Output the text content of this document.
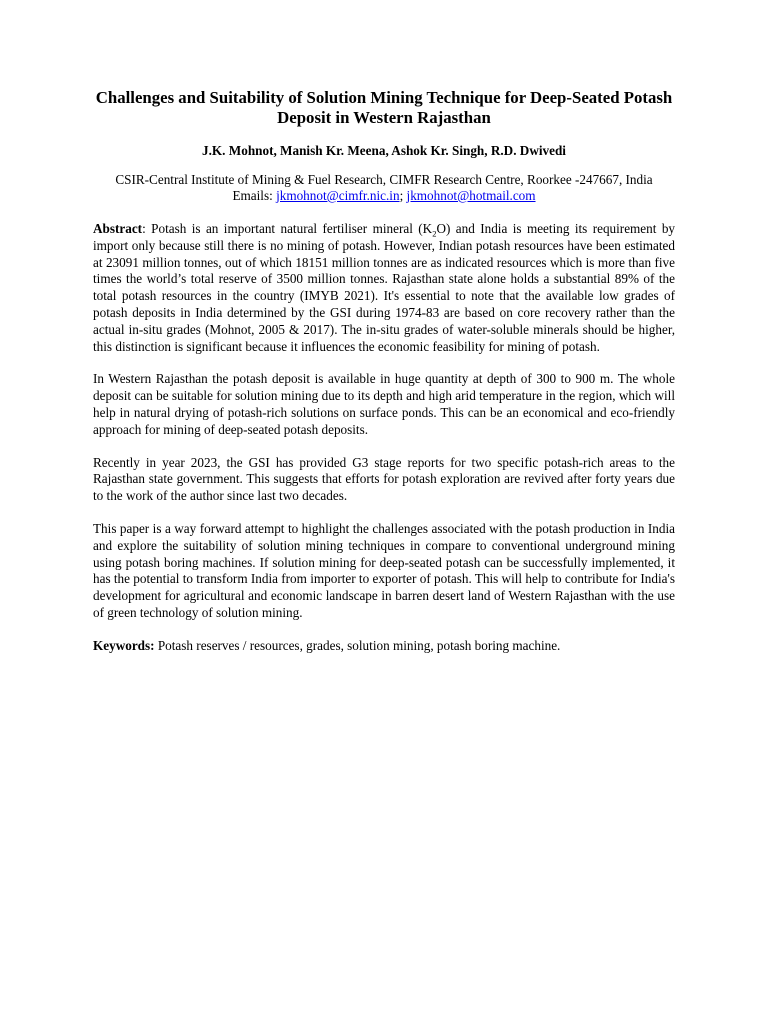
Challenges and Suitability of Solution Mining Technique for Deep-Seated Potash Deposit in Western Rajasthan
J.K. Mohnot, Manish Kr. Meena, Ashok Kr. Singh, R.D. Dwivedi
CSIR-Central Institute of Mining & Fuel Research, CIMFR Research Centre, Roorkee -247667, India
Emails: jkmohnot@cimfr.nic.in; jkmohnot@hotmail.com

Abstract: Potash is an important natural fertiliser mineral $(K_2O)$ and India is meeting its requirement by import only because still there is no mining of potash. However, Indian potash resources have been estimated at 23091 million tonnes, out of which 18151 million tonnes are as indicated resources which is more than five times the world’s total reserve of 3500 million tonnes. Rajasthan state alone holds a substantial 89% of the total potash resources in the country (IMYB 2021). It's essential to note that the available low grades of potash deposits in India determined by the GSI during 1974-83 are based on core recovery rather than the actual in-situ grades (Mohnot, 2005 & 2017). The in-situ grades of water-soluble minerals should be higher, this distinction is significant because it influences the economic feasibility for mining of potash.

In Western Rajasthan the potash deposit is available in huge quantity at depth of 300 to 900 m. The whole deposit can be suitable for solution mining due to its depth and high arid temperature in the region, which will help in natural drying of potash-rich solutions on surface ponds. This can be an economical and eco-friendly approach for mining of deep-seated potash deposits.

Recently in year 2023, the GSI has provided G3 stage reports for two specific potash-rich areas to the Rajasthan state government. This suggests that efforts for potash exploration are revived after forty years due to the work of the author since last two decades.

This paper is a way forward attempt to highlight the challenges associated with the potash production in India and explore the suitability of solution mining techniques in compare to conventional underground mining using potash boring machines. If solution mining for deep-seated potash can be successfully implemented, it has the potential to transform India from importer to exporter of potash. This will help to contribute for India's development for agricultural and economic landscape in barren desert land of Western Rajasthan with the use of green technology of solution mining.

Keywords: Potash reserves / resources, grades, solution mining, potash boring machine.
